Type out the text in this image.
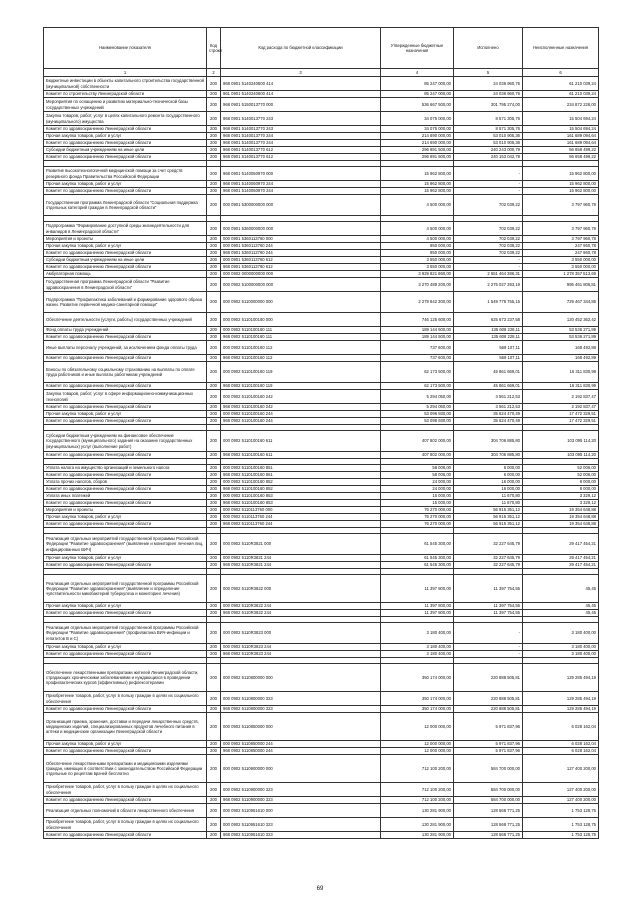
Наименование показателя	Код строки	Код расхода по бюджетной классификации	Утвержденные бюджетные назначения	Исполнено	Неисполненные назначения
1	2	3	4	5	6
Бюджетные инвестиции в объекты капитального строительства государственной (муниципальной) собственности	200	968 0901 5140240600 414	85 247 000,00	24 036 960,76	61 210 039,24
Комитет по строительству Ленинградской области	200	961 0901 5140240600 414	85 247 000,00	24 036 960,76	61 210 039,24
Мероприятия по оснащению и развитию материально-технической базы государственных учреждений	200	968 0901 5150013770 000	536 667 500,00	301 795 274,00	234 872 226,00
Закупка товаров, работ, услуг в целях капитального ремонта государственного (муниципального) имущества	200	968 0901 5140013770 243	34 075 000,00	8 571 305,76	15 504 694,24
Комитет по здравоохранению Ленинградской области	200	968 0901 5140013770 243	34 075 000,00	8 571 305,76	15 504 694,24
Прочая закупка товаров, работ и услуг	200	968 0901 5140013770 244	214 690 000,00	53 010 905,36	161 689 094,64
Комитет по здравоохранению Ленинградской области	200	968 0901 5140013770 244	214 690 000,00	53 010 905,36	161 689 094,64
Субсидии бюджетным учреждениям на иные цели	200	968 0901 5140013770 612	296 891 500,00	240 243 000,79	56 658 499,22
Комитет по здравоохранению Ленинградской области	200	968 0901 5140013770 612	296 891 500,00	240 153 042,78	56 658 499,22

Развитие высокотехнологичной медицинской помощи за счет средств резервного фонда Правительства Российской Федерации	200	968 0901 5140050970 000	15 962 800,00	-	15 962 800,00
Прочая закупка товаров, работ и услуг	200	968 0901 5140050970 244	15 962 800,00	-	15 962 800,00
Комитет по здравоохранению Ленинградской области	200	968 0901 5140050970 244	15 962 800,00	-	15 962 800,00
Государственная программа Ленинградской области "Социальная поддержка отдельных категорий граждан в Ленинградской области"	200	000 0901 5300000000 000	4 500 000,00	702 039,22	3 797 960,78

Подпрограмма "Формирование доступной среды жизнедеятельности для инвалидов в Ленинградской области"	200	000 0901 5360000000 000	4 500 000,00	702 039,22	3 797 960,78
Мероприятия и проекты	200	000 0901 5360113760 000	4 500 000,00	702 039,22	3 797 960,78
Прочая закупка товаров, работ и услуг	200	000 0901 5360113760 244	950 000,00	702 039,22	247 960,78
Комитет по здравоохранению Ленинградской области	200	968 0901 5360113760 244	950 000,00	702 039,22	247 960,78
Субсидии бюджетным учреждениям на иные цели	200	000 0901 5360113760 612	3 550 000,00	-	3 550 000,00
Комитет по здравоохранению Ленинградской области	200	968 0901 5360113760 612	3 550 000,00	-	3 550 000,00
Амбулаторная помощь	200	000 0902 0000000000 000	3 929 821 860,00	2 651 464 386,31	1 278 357 513,69
Государственная программа Ленинградской области "Развитие здравоохранения в Ленинградской области"	200	000 0902 5100000000 000	3 270 489 200,00	2 275 027 393,19	995 461 806,81
Подпрограмма "Профилактика заболеваний и формирование здорового образа жизни. Развитие первичной медико-санитарной помощи"	200	000 0902 5110000000 000	2 279 842 300,00	1 549 775 755,15	729 467 344,85
Обеспечение деятельности (услуги, работы) государственных учреждений	200	000 0902 5110100160 000	746 125 600,00	625 673 237,58	120 452 362,42
Фонд оплаты труда учреждений	200	000 0902 5110100160 111	189 144 500,00	135 608 228,11	53 536 271,89
Комитет по здравоохранению Ленинградской области	200	968 0902 5110100160 111	189 144 500,00	135 608 228,11	53 536 271,89
Иные выплаты персоналу учреждений, за исключением фонда оплаты труда	200	000 0902 5110100160 112	737 600,00	569 107,11	168 492,89
Комитет по здравоохранению Ленинградской области	200	968 0902 5110100160 112	737 600,00	569 107,11	168 492,89
Взносы по обязательному социальному страхованию на выплаты по оплате труда работников и иные выплаты работникам учреждений	200	000 0902 5110100160 119	62 173 500,00	45 861 669,01	16 311 830,99
Комитет по здравоохранению Ленинградской области	200	968 0902 5110100160 119	62 173 500,00	45 861 669,01	16 311 830,99
Закупка товаров, работ, услуг в сфере информационно-коммуникационных технологий	200	000 0902 5110100160 242	5 294 050,00	3 561 212,53	2 192 837,47
Комитет по здравоохранению Ленинградской области	200	968 0902 5110100160 242	5 294 050,00	3 561 212,53	2 192 837,47
Прочая закупка товаров, работ и услуг	200	000 0902 5110100160 244	53 096 930,00	35 624 470,49	17 472 329,51
Комитет по здравоохранению Ленинградской области	200	968 0902 5110100160 244	53 096 930,00	35 624 470,49	17 472 329,51

Субсидии бюджетным учреждениям на финансовое обеспечение государственного (муниципального) задания на оказание государственных (муниципальных) услуг (выполнение работ)	200	000 0902 5110100160 611	407 802 000,00	304 706 885,80	103 095 114,20
Комитет по здравоохранению Ленинградской области	200	968 0902 5110100160 611	407 802 000,00	304 706 885,80	103 095 114,20

Уплата налога на имущество организаций и земельного налога	200	000 0902 5110100160 851	58 006,00	6 000,00	52 006,00
Комитет по здравоохранению Ленинградской области	200	968 0902 5110100160 851	58 006,00	6 000,00	52 006,00
Уплата прочих налогов, сборов	200	000 0902 5110100160 852	24 000,00	16 000,00	8 000,00
Комитет по здравоохранению Ленинградской области	200	968 0902 5110100160 852	24 000,00	16 000,00	8 000,00
Уплата иных платежей	200	000 0902 5110100160 853	15 000,00	11 670,80	3 329,12
Комитет по здравоохранению Ленинградской области	200	968 0902 5110100160 853	15 000,00	11 670,80	3 329,12
Мероприятия и проекты	200	000 0902 5110113760 000	76 270 000,00	56 915 351,12	19 354 648,88
Прочая закупка товаров, работ и услуг	200	000 0902 5110113760 244	76 270 000,00	56 915 351,12	19 354 648,88
Комитет по здравоохранению Ленинградской области	200	968 0902 5110113760 244	76 270 000,00	56 915 351,12	19 354 648,88

Реализация отдельных мероприятий государственной программы Российской Федерации "Развитие здравоохранения" (выявление и мониторинг лечения лиц, инфицированных ВИЧ)	200	000 0902 5110R3821 000	61 545 300,00	32 227 645,79	29 417 454,21
Прочая закупка товаров, работ и услуг	200	000 0902 5110R3821 244	61 545 300,00	32 227 645,79	29 417 454,21
Комитет по здравоохранению Ленинградской области	200	968 0902 5110R3821 244	61 545 300,00	32 227 645,79	29 417 454,21

Реализация отдельных мероприятий государственной программы Российской Федерации "Развитие здравоохранения" (выявление и определение чувствительности микобактерий туберкулеза и мониторинг лечения)	200	000 0902 5110R3822 000	11 397 800,00	11 397 754,55	45,45
Прочая закупка товаров, работ и услуг	200	000 0902 5110R3822 244	11 397 800,00	11 397 754,55	45,45
Комитет по здравоохранению Ленинградской области	200	968 0902 5110R3822 244	11 397 800,00	11 397 754,55	45,45

Реализация отдельных мероприятий государственной программы Российской Федерации "Развитие здравоохранения" (профилактика ВИЧ-инфекции и гепатитов В и С)	200	000 0902 5110R3823 000	3 180 400,00	-	3 180 400,00
Прочая закупка товаров, работ и услуг	200	000 0902 5110R3823 244	3 180 400,00	-	3 180 400,00
Комитет по здравоохранению Ленинградской области	200	968 0902 5110R3823 244	3 180 400,00	-	3 180 400,00

Обеспечение лекарственными препаратами жителей Ленинградской области, страдающих хроническими заболеваниями и нуждающихся в проведении профилактических курсов (эффективных) рефлексотерапии	200	000 0902 5110800000 000	350 174 000,00	220 888 505,81	129 285 494,19
Приобретение товаров, работ, услуг в пользу граждан в целях их социального обеспечения	200	000 0902 5110800000 323	350 174 000,00	220 888 505,81	129 285 494,19
Комитет по здравоохранению Ленинградской области	200	968 0902 5110800000 323	350 174 000,00	220 888 505,81	129 285 494,19
Организация приема, хранения, доставки и передачи лекарственных средств, медицинских изделий, специализированных продуктов лечебного питания в аптеки и медицинские организации Ленинградской области	200	000 0902 5110850000 000	12 000 000,00	5 971 837,96	6 028 162,04
Прочая закупка товаров, работ и услуг	200	000 0902 5110850000 244	12 000 000,00	5 971 837,96	6 028 162,04
Комитет по здравоохранению Ленинградской области	200	968 0902 5110850000 244	12 000 000,00	5 971 837,96	6 028 162,04
Обеспечение лекарственными препаратами и медицинскими изделиями граждан, имеющих в соответствии с законодательством Российской Федерации отдельные по рецептам врачей бесплатно	200	000 0902 5110900000 000	712 100 200,00	584 700 000,00	127 400 200,00
Приобретение товаров, работ, услуг в пользу граждан в целях их социального обеспечения	200	000 0902 5110900000 323	712 100 200,00	584 700 000,00	127 400 200,00
Комитет по здравоохранению Ленинградской области	200	968 0902 5110900000 323	712 100 200,00	584 700 000,00	127 400 200,00
Реализация отдельных полномочий в области лекарственного обеспечения	200	000 0902 5110951610 000	130 281 900,00	128 568 771,25	1 753 128,75
Приобретение товаров, работ, услуг в пользу граждан в целях их социального обеспечения	200	000 0902 5110951610 323	130 281 900,00	128 568 771,25	1 753 128,75
Комитет по здравоохранению Ленинградской области	200	968 0902 5110951610 323	130 281 900,00	128 568 771,25	1 753 128,75
69
